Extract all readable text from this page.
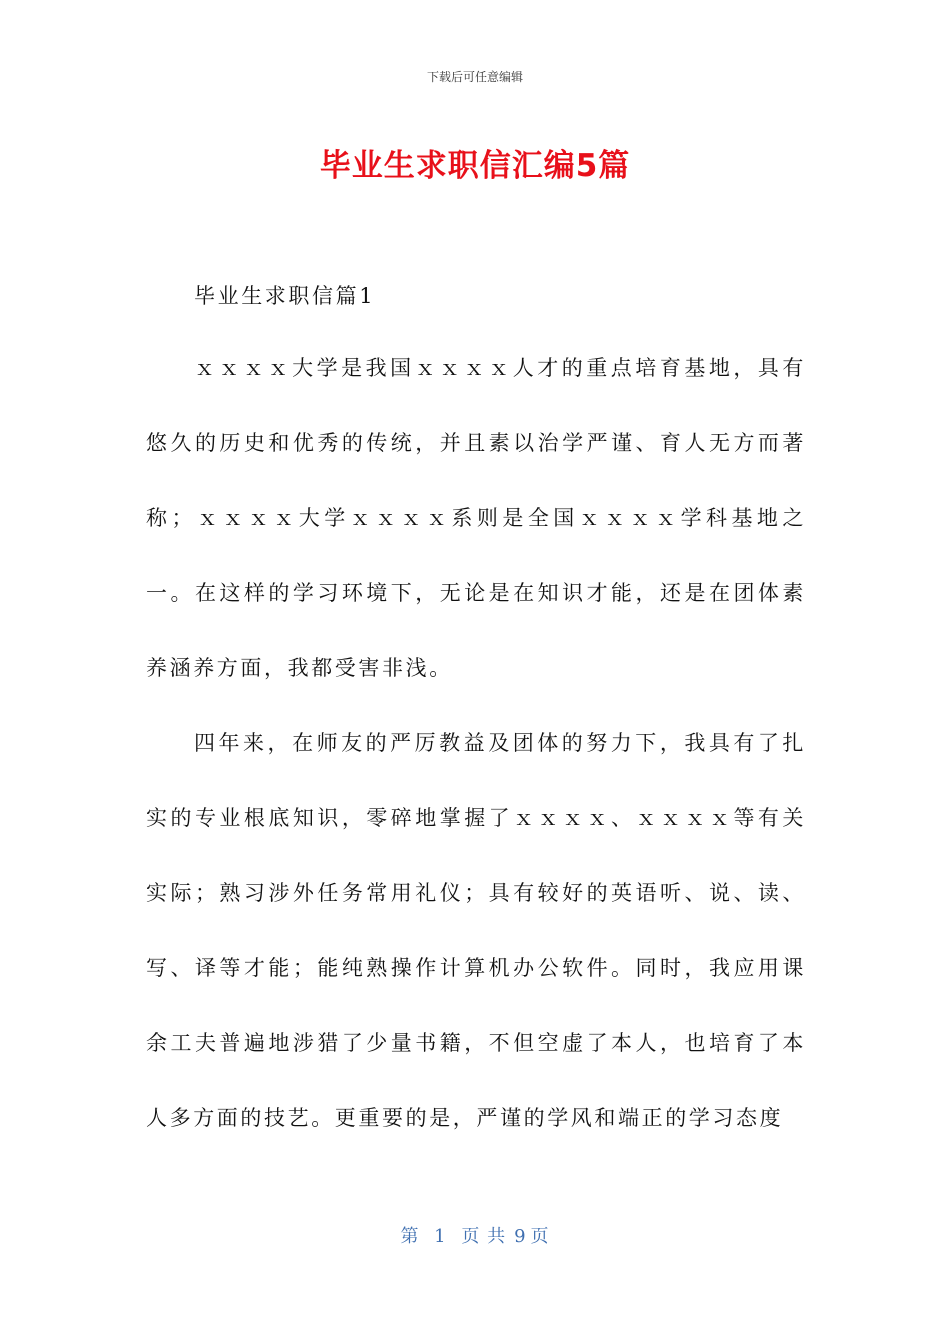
下载后可任意编辑
毕业生求职信汇编5篇
毕业生求职信篇1

ｘｘｘｘ大学是我国ｘｘｘｘ人才的重点培育基地，具有悠久的历史和优秀的传统，并且素以治学严谨、育人无方而著称；ｘｘｘｘ大学ｘｘｘｘ系则是全国ｘｘｘｘ学科基地之一。在这样的学习环境下，无论是在知识才能，还是在团体素养涵养方面，我都受害非浅。

四年来，在师友的严厉教益及团体的努力下，我具有了扎实的专业根底知识，零碎地掌握了ｘｘｘｘ、ｘｘｘｘ等有关实际；熟习涉外任务常用礼仪；具有较好的英语听、说、读、写、译等才能；能纯熟操作计算机办公软件。同时，我应用课余工夫普遍地涉猎了少量书籍，不但空虚了本人，也培育了本人多方面的技艺。更重要的是，严谨的学风和端正的学习态度

第 1 页 共 9 页
